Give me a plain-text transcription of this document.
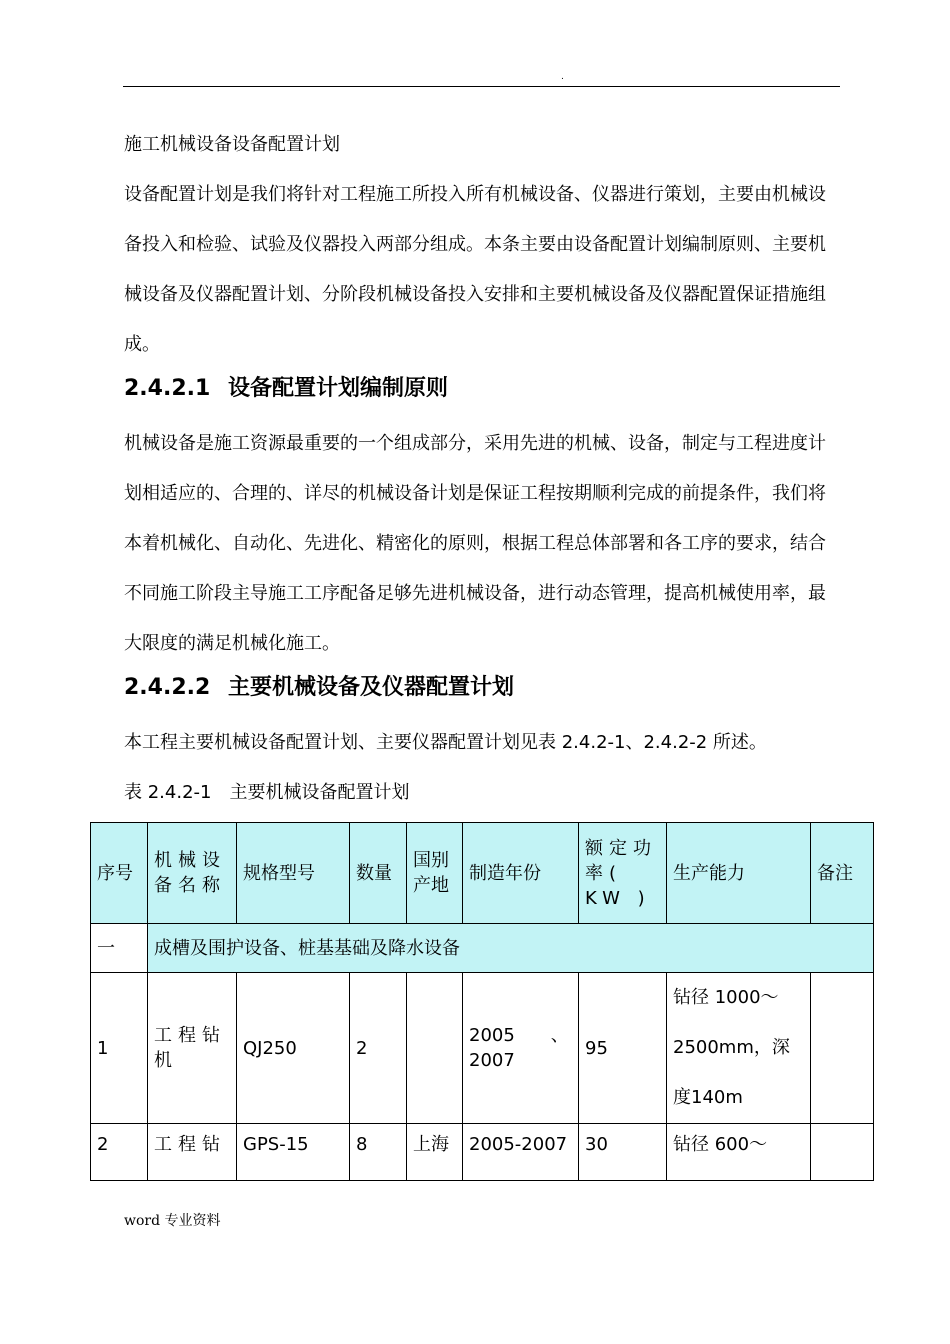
.

施工机械设备设备配置计划

设备配置计划是我们将针对工程施工所投入所有机械设备、仪器进行策划，主要由机械设备投入和检验、试验及仪器投入两部分组成。本条主要由设备配置计划编制原则、主要机械设备及仪器配置计划、分阶段机械设备投入安排和主要机械设备及仪器配置保证措施组成。

2.4.2.1 设备配置计划编制原则

机械设备是施工资源最重要的一个组成部分，采用先进的机械、设备，制定与工程进度计划相适应的、合理的、详尽的机械设备计划是保证工程按期顺利完成的前提条件，我们将本着机械化、自动化、先进化、精密化的原则，根据工程总体部署和各工序的要求，结合不同施工阶段主导施工工序配备足够先进机械设备，进行动态管理，提高机械使用率，最大限度的满足机械化施工。

2.4.2.2 主要机械设备及仪器配置计划

本工程主要机械设备配置计划、主要仪器配置计划见表 2.4.2-1、2.4.2-2 所述。

表 2.4.2-1　主要机械设备配置计划
序号	机械设备名称	规格型号	数量	国别产地	制造年份	额定功率( KW )	生产能力	备注
一	成槽及围护设备、桩基基础及降水设备							
1	工程钻机	QJ250	2		2005　　、2007	95	钻径 1000～2500mm，深度140m	
2	工程钻	GPS-15	8	上海	2005-2007	30	钻径 600～	
word 专业资料
